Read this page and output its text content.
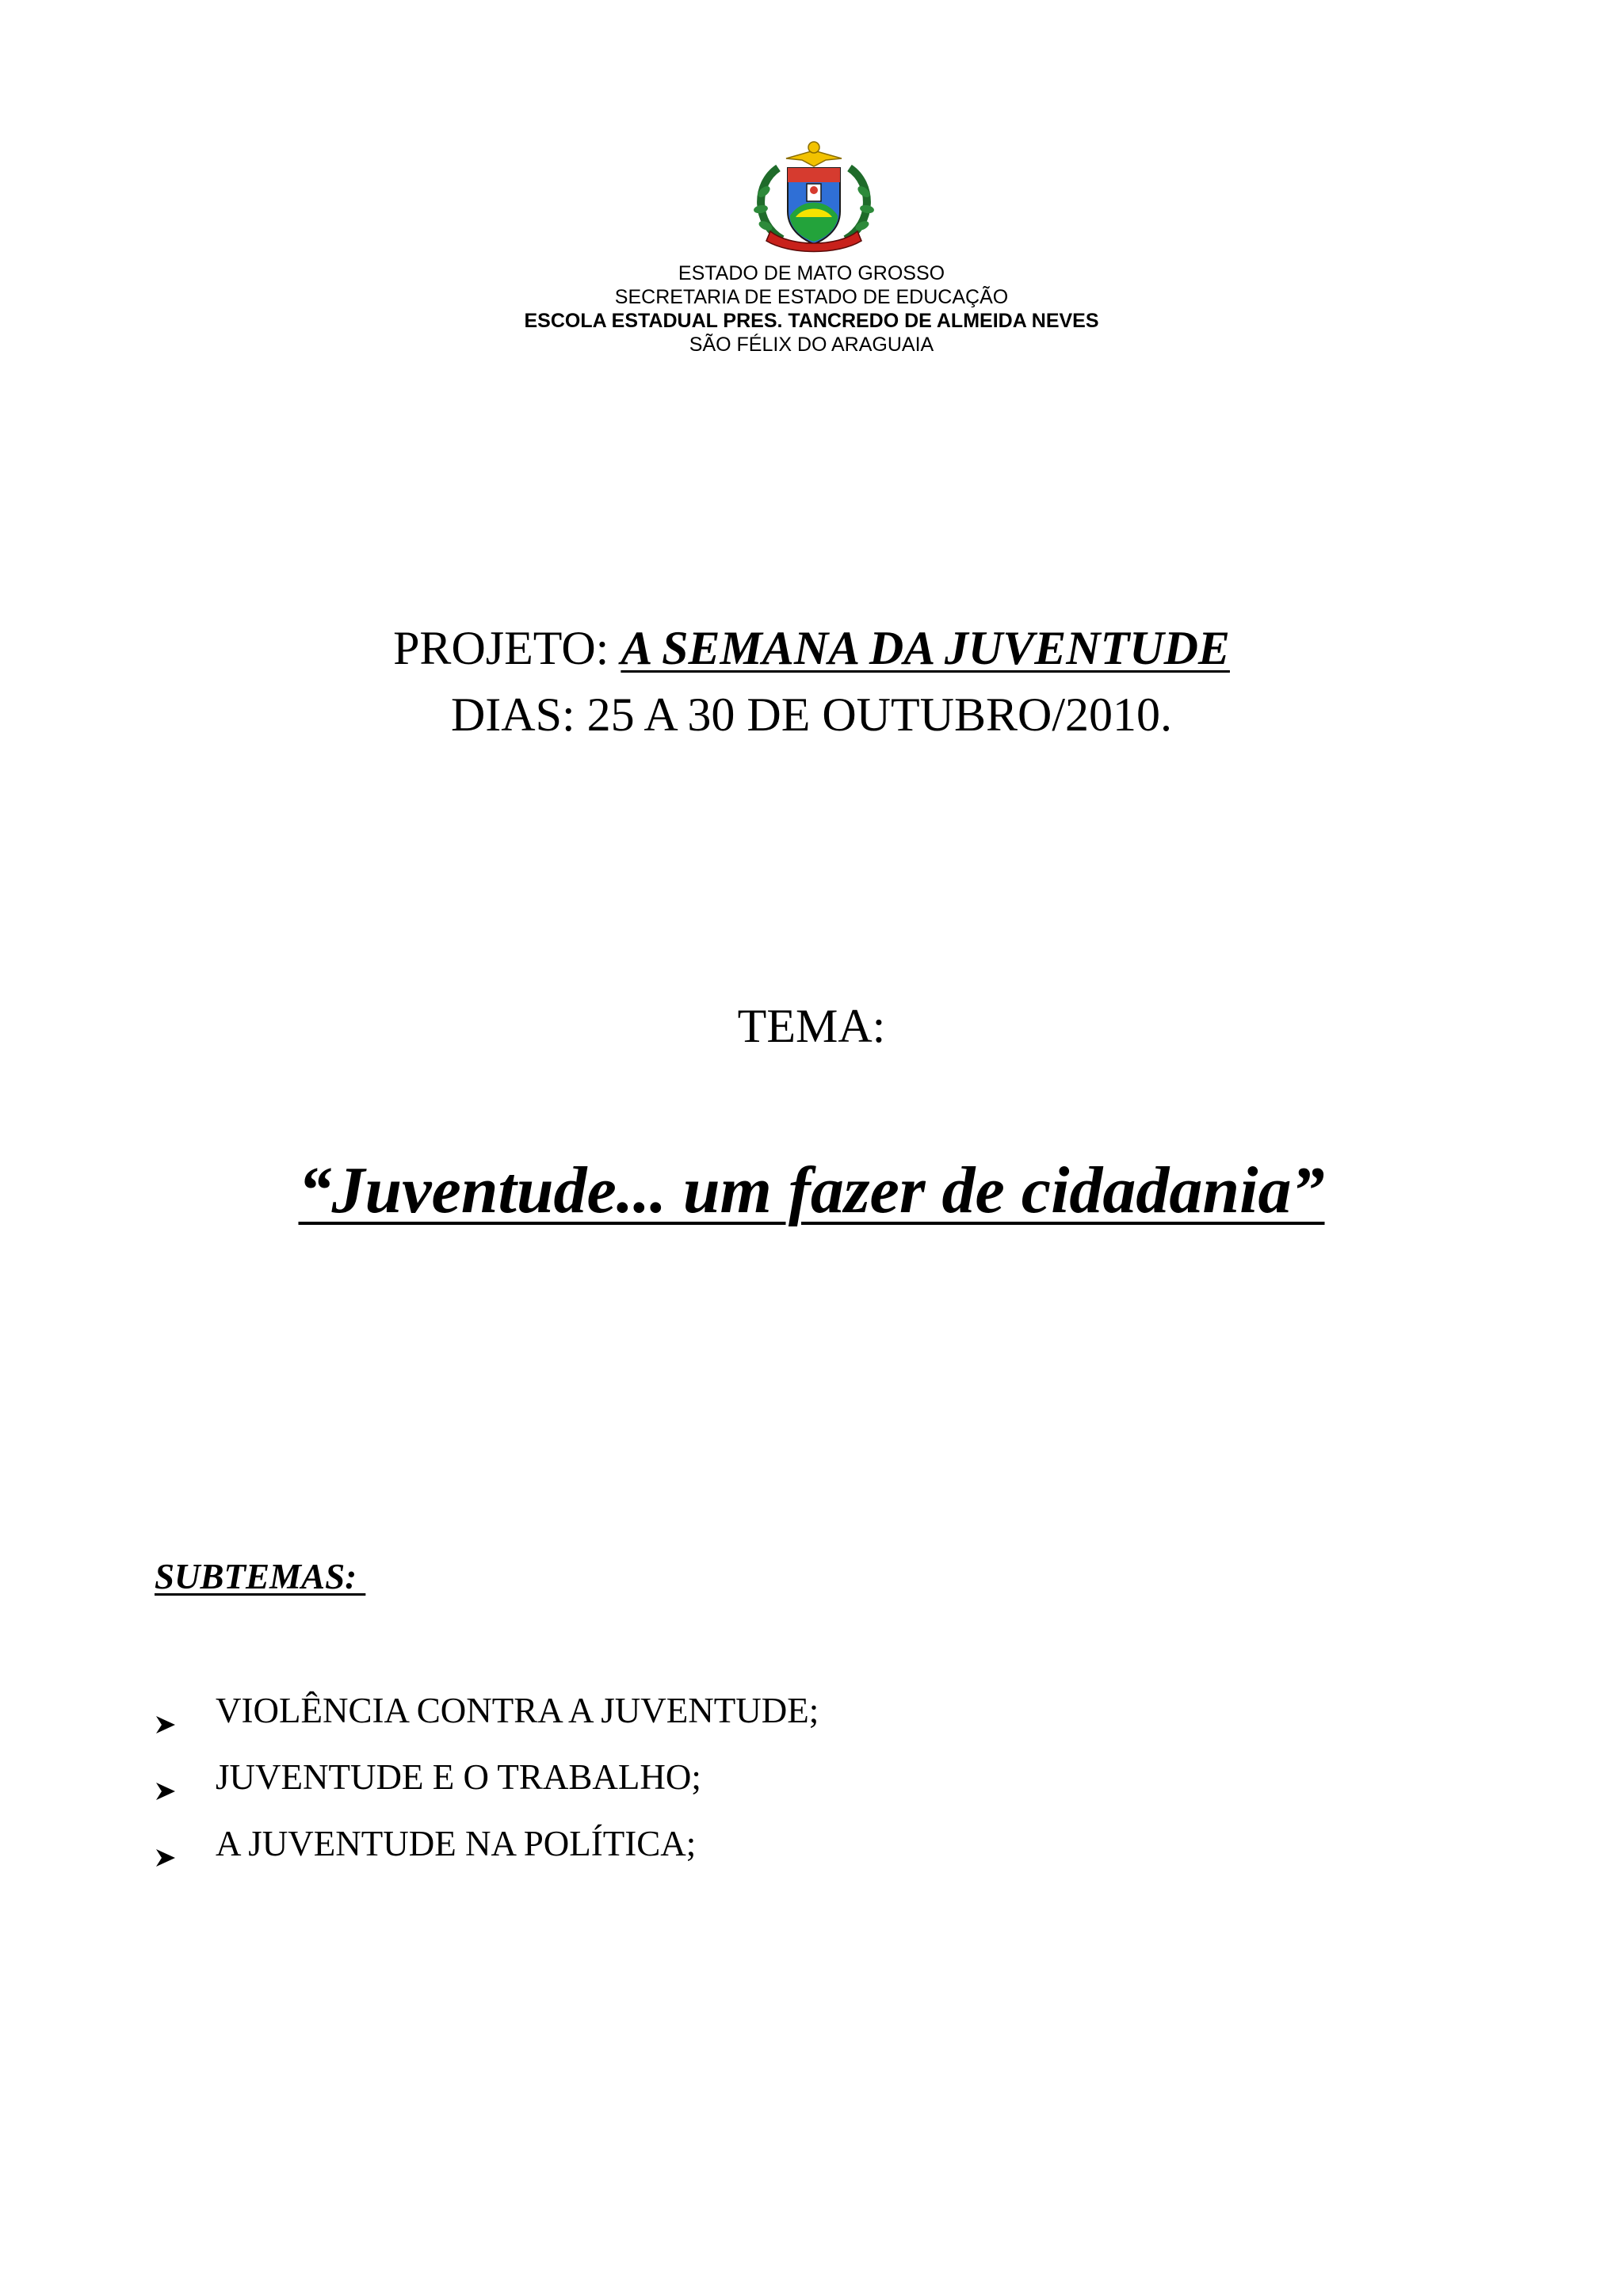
ESTADO DE MATO GROSSO
SECRETARIA DE ESTADO DE EDUCAÇÃO
ESCOLA ESTADUAL PRES. TANCREDO DE ALMEIDA NEVES
SÃO FÉLIX DO ARAGUAIA
PROJETO: A SEMANA DA JUVENTUDE
DIAS: 25 A 30 DE OUTUBRO/2010.
TEMA:
“Juventude... um fazer de cidadania”
SUBTEMAS:
VIOLÊNCIA CONTRA A JUVENTUDE;
JUVENTUDE E O TRABALHO;
A JUVENTUDE NA POLÍTICA;
